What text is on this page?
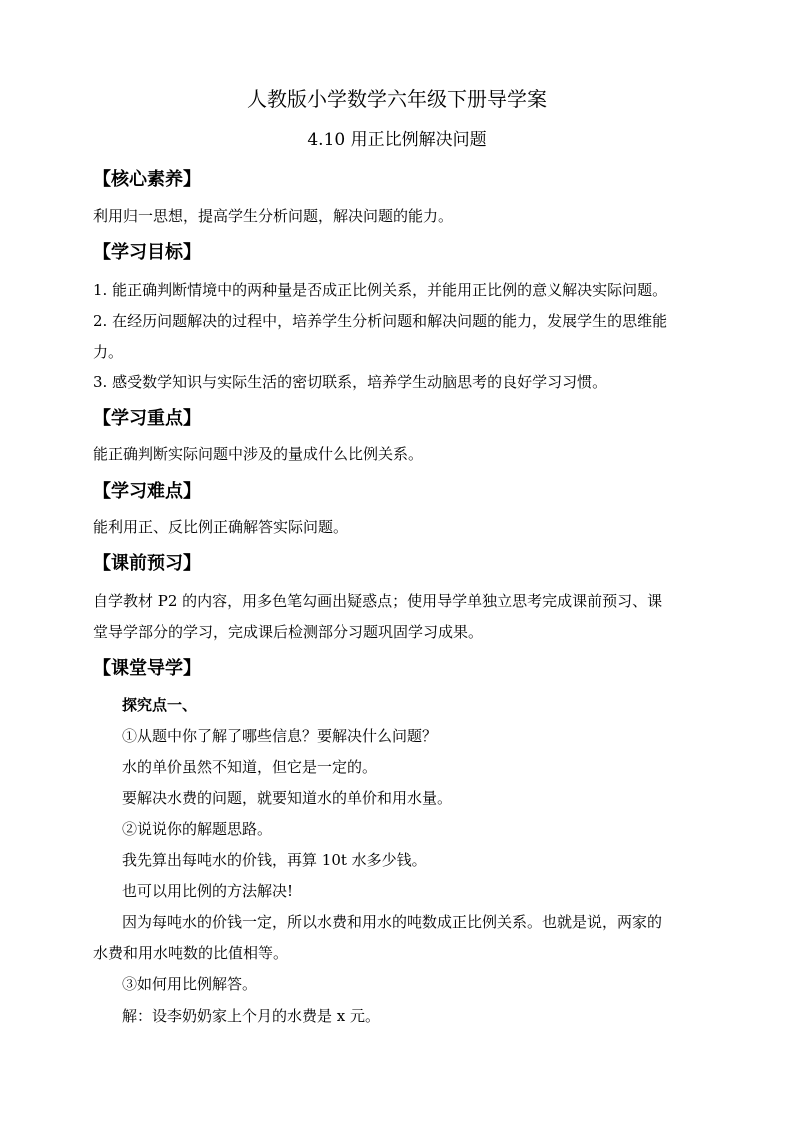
人教版小学数学六年级下册导学案
4.10 用正比例解决问题
【核心素养】
利用归一思想，提高学生分析问题，解决问题的能力。
【学习目标】
1. 能正确判断情境中的两种量是否成正比例关系，并能用正比例的意义解决实际问题。
2. 在经历问题解决的过程中，培养学生分析问题和解决问题的能力，发展学生的思维能
力。
3. 感受数学知识与实际生活的密切联系，培养学生动脑思考的良好学习习惯。
【学习重点】
能正确判断实际问题中涉及的量成什么比例关系。
【学习难点】
能利用正、反比例正确解答实际问题。
【课前预习】
自学教材 P2 的内容，用多色笔勾画出疑惑点；使用导学单独立思考完成课前预习、课
堂导学部分的学习，完成课后检测部分习题巩固学习成果。
【课堂导学】
探究点一、
①从题中你了解了哪些信息？要解决什么问题？
水的单价虽然不知道，但它是一定的。
要解决水费的问题，就要知道水的单价和用水量。
②说说你的解题思路。
我先算出每吨水的价钱，再算 10t 水多少钱。
也可以用比例的方法解决!
因为每吨水的价钱一定，所以水费和用水的吨数成正比例关系。也就是说，两家的
水费和用水吨数的比值相等。
③如何用比例解答。
解：设李奶奶家上个月的水费是 x 元。
